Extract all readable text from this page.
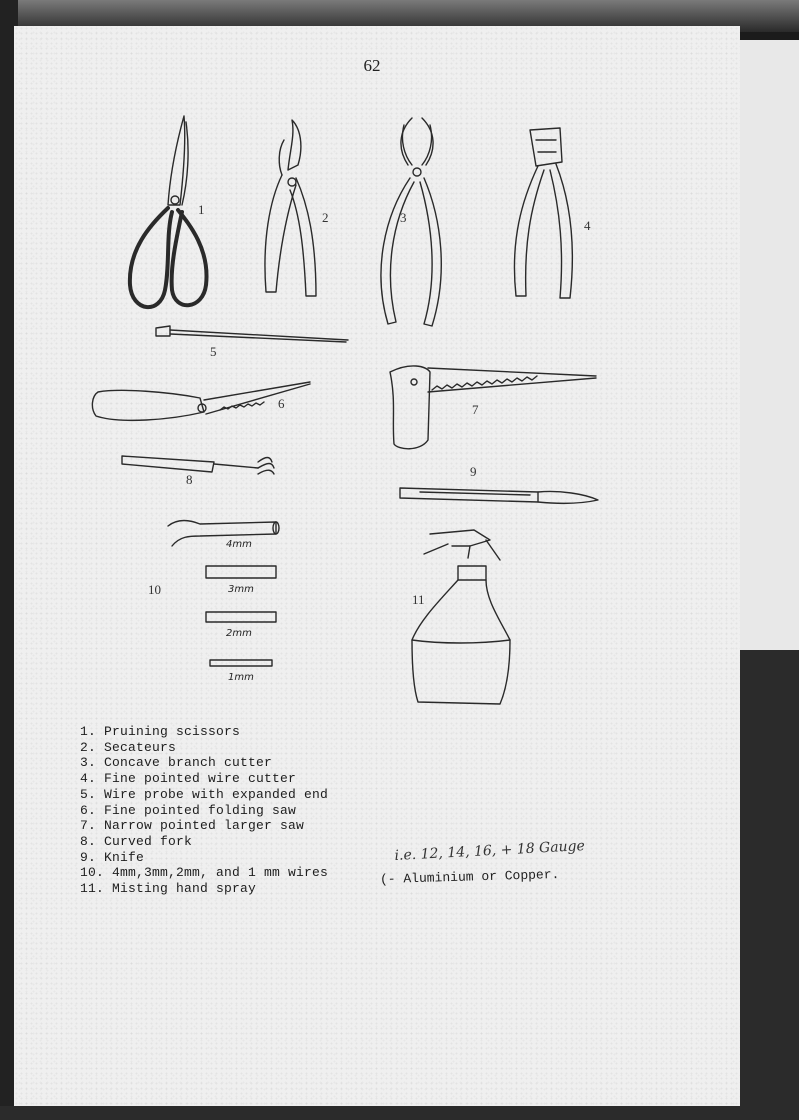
62
1
2	3
4
5
6	7
8
9
4mm
3mm
2mm
1mm
10
11
1. Pruining scissors
2. Secateurs
3. Concave branch cutter
4. Fine pointed wire cutter
5. Wire probe with expanded end
6. Fine pointed folding saw
7. Narrow pointed larger saw
8. Curved fork
9. Knife
10. 4mm,3mm,2mm, and 1 mm wires
11. Misting hand spray
i.e. 12, 14, 16, + 18 Gauge
(- Aluminium or Copper.
